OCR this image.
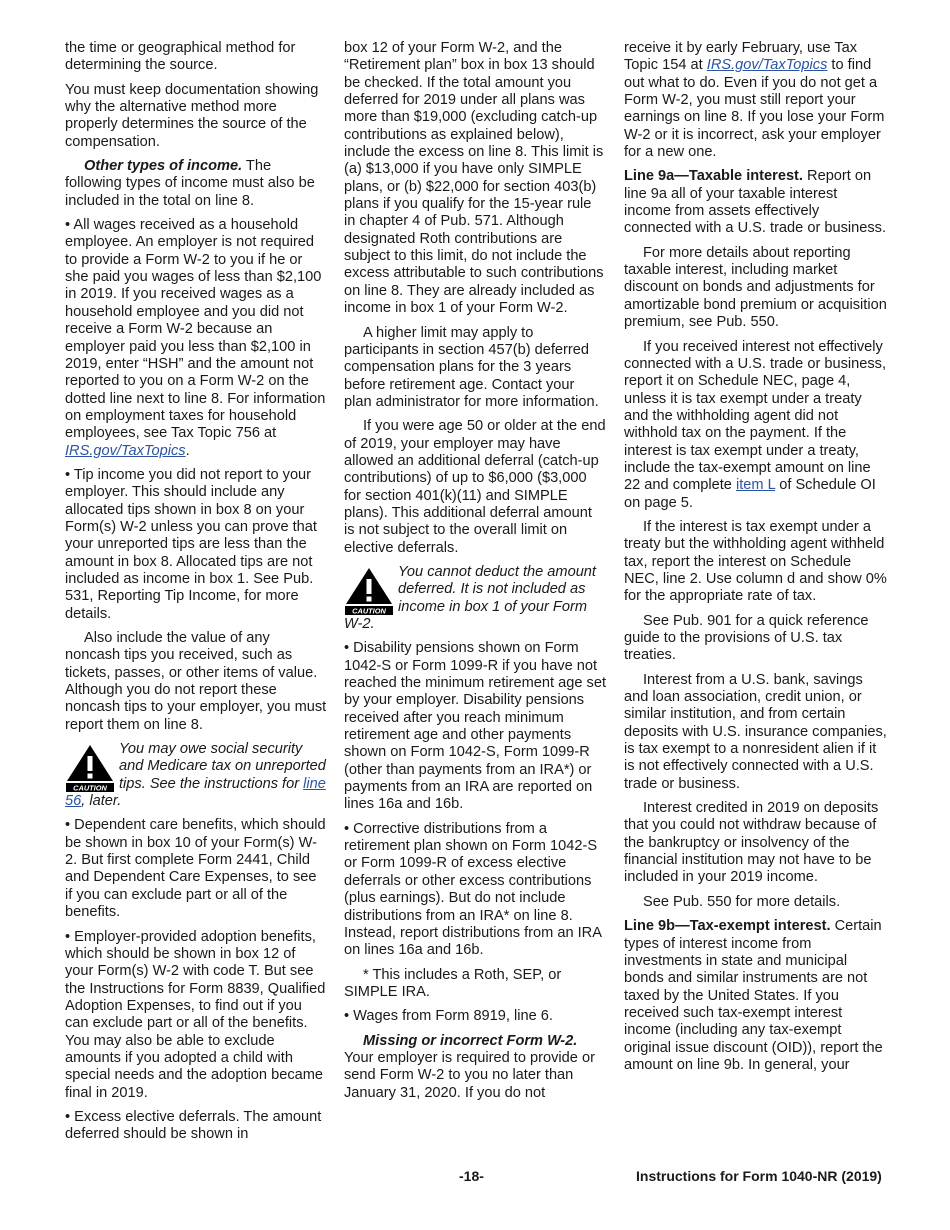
the time or geographical method for determining the source.

You must keep documentation showing why the alternative method more properly determines the source of the compensation.

Other types of income. The following types of income must also be included in the total on line 8.

• All wages received as a household employee. An employer is not required to provide a Form W-2 to you if he or she paid you wages of less than $2,100 in 2019. If you received wages as a household employee and you did not receive a Form W-2 because an employer paid you less than $2,100 in 2019, enter “HSH” and the amount not reported to you on a Form W-2 on the dotted line next to line 8. For information on employment taxes for household employees, see Tax Topic 756 at IRS.gov/TaxTopics.

• Tip income you did not report to your employer. This should include any allocated tips shown in box 8 on your Form(s) W-2 unless you can prove that your unreported tips are less than the amount in box 8. Allocated tips are not included as income in box 1. See Pub. 531, Reporting Tip Income, for more details.

Also include the value of any noncash tips you received, such as tickets, passes, or other items of value. Although you do not report these noncash tips to your employer, you must report them on line 8.

CAUTION
You may owe social security and Medicare tax on unreported tips. See the instructions for line 56, later.

• Dependent care benefits, which should be shown in box 10 of your Form(s) W-2. But first complete Form 2441, Child and Dependent Care Expenses, to see if you can exclude part or all of the benefits.

• Employer-provided adoption benefits, which should be shown in box 12 of your Form(s) W-2 with code T. But see the Instructions for Form 8839, Qualified Adoption Expenses, to find out if you can exclude part or all of the benefits. You may also be able to exclude amounts if you adopted a child with special needs and the adoption became final in 2019.

• Excess elective deferrals. The amount deferred should be shown in

box 12 of your Form W-2, and the “Retirement plan” box in box 13 should be checked. If the total amount you deferred for 2019 under all plans was more than $19,000 (excluding catch-up contributions as explained below), include the excess on line 8. This limit is (a) $13,000 if you have only SIMPLE plans, or (b) $22,000 for section 403(b) plans if you qualify for the 15-year rule in chapter 4 of Pub. 571. Although designated Roth contributions are subject to this limit, do not include the excess attributable to such contributions on line 8. They are already included as income in box 1 of your Form W-2.

A higher limit may apply to participants in section 457(b) deferred compensation plans for the 3 years before retirement age. Contact your plan administrator for more information.

If you were age 50 or older at the end of 2019, your employer may have allowed an additional deferral (catch-up contributions) of up to $6,000 ($3,000 for section 401(k)(11) and SIMPLE plans). This additional deferral amount is not subject to the overall limit on elective deferrals.

CAUTION
You cannot deduct the amount deferred. It is not included as income in box 1 of your Form W-2.

• Disability pensions shown on Form 1042-S or Form 1099-R if you have not reached the minimum retirement age set by your employer. Disability pensions received after you reach minimum retirement age and other payments shown on Form 1042-S, Form 1099-R (other than payments from an IRA*) or payments from an IRA are reported on lines 16a and 16b.

• Corrective distributions from a retirement plan shown on Form 1042-S or Form 1099-R of excess elective deferrals or other excess contributions (plus earnings). But do not include distributions from an IRA* on line 8. Instead, report distributions from an IRA on lines 16a and 16b.

* This includes a Roth, SEP, or SIMPLE IRA.

• Wages from Form 8919, line 6.

Missing or incorrect Form W-2. Your employer is required to provide or send Form W-2 to you no later than January 31, 2020. If you do not

receive it by early February, use Tax Topic 154 at IRS.gov/TaxTopics to find out what to do. Even if you do not get a Form W-2, you must still report your earnings on line 8. If you lose your Form W-2 or it is incorrect, ask your employer for a new one.

Line 9a—Taxable interest. Report on line 9a all of your taxable interest income from assets effectively connected with a U.S. trade or business.

For more details about reporting taxable interest, including market discount on bonds and adjustments for amortizable bond premium or acquisition premium, see Pub. 550.

If you received interest not effectively connected with a U.S. trade or business, report it on Schedule NEC, page 4, unless it is tax exempt under a treaty and the withholding agent did not withhold tax on the payment. If the interest is tax exempt under a treaty, include the tax-exempt amount on line 22 and complete item L of Schedule OI on page 5.

If the interest is tax exempt under a treaty but the withholding agent withheld tax, report the interest on Schedule NEC, line 2. Use column d and show 0% for the appropriate rate of tax.

See Pub. 901 for a quick reference guide to the provisions of U.S. tax treaties.

Interest from a U.S. bank, savings and loan association, credit union, or similar institution, and from certain deposits with U.S. insurance companies, is tax exempt to a nonresident alien if it is not effectively connected with a U.S. trade or business.

Interest credited in 2019 on deposits that you could not withdraw because of the bankruptcy or insolvency of the financial institution may not have to be included in your 2019 income.

See Pub. 550 for more details.

Line 9b—Tax-exempt interest. Certain types of interest income from investments in state and municipal bonds and similar instruments are not taxed by the United States. If you received such tax-exempt interest income (including any tax-exempt original issue discount (OID)), report the amount on line 9b. In general, your

-18-	Instructions for Form 1040-NR (2019)
